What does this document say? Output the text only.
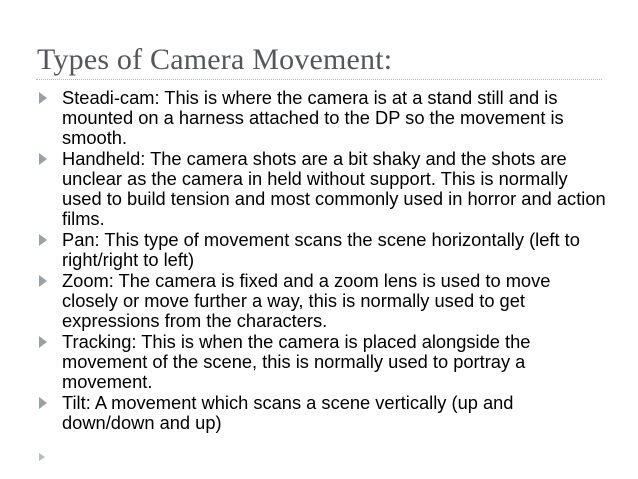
Types of Camera Movement:
Steadi-cam: This is where the camera is at a stand still and is mounted on a harness attached to the DP so the movement is smooth.
Handheld: The camera shots are a bit shaky and the shots are unclear as the camera in held without support. This is normally used to build tension and most commonly used in horror and action films.
Pan: This type of movement scans the scene horizontally (left to right/right to left)
Zoom: The camera is fixed and a zoom lens is used to move closely or move further a way, this is normally used to get expressions from the characters.
Tracking: This is when the camera is placed alongside the movement of the scene, this is normally used to portray a movement.
Tilt: A movement which scans a scene vertically (up and down/down and up)
